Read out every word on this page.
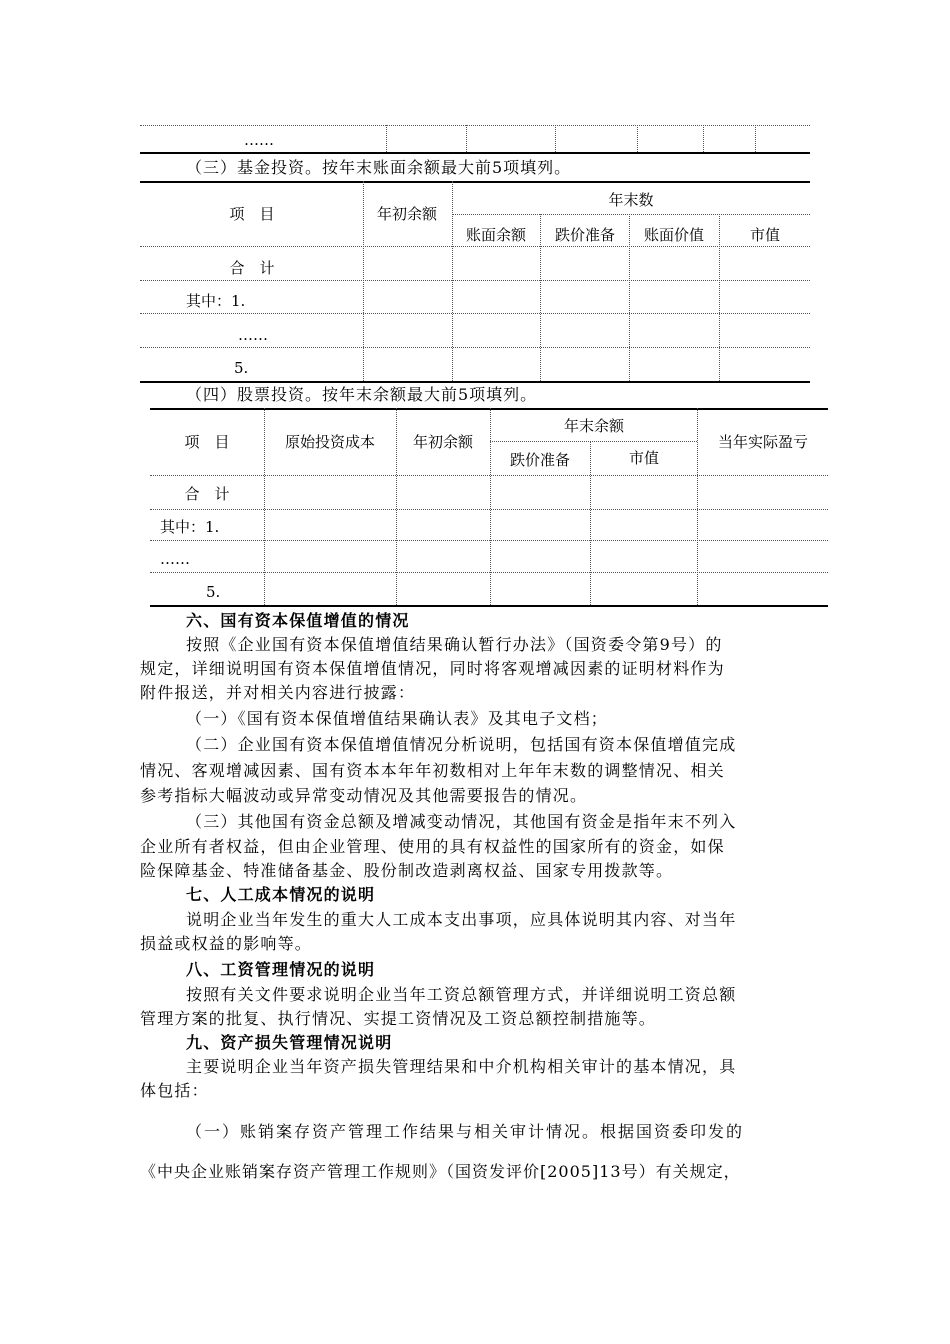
……
（三）基金投资。按年末账面余额最大前5项填列。
项　目	年初余额
年末数
账面余额 跌价准备 账面价值	市值
合　计
其中：1.
……
5.
（四）股票投资。按年末余额最大前5项填列。
项　目	原始投资成本	年初余额
年末余额
跌价准备	市值
当年实际盈亏
合　计
其中：1.
……
5.
六、国有资本保值增值的情况
按照《企业国有资本保值增值结果确认暂行办法》（国资委令第9号）的
规定，详细说明国有资本保值增值情况，同时将客观增减因素的证明材料作为
附件报送，并对相关内容进行披露：
（一）《国有资本保值增值结果确认表》及其电子文档；
（二）企业国有资本保值增值情况分析说明，包括国有资本保值增值完成
情况、客观增减因素、国有资本本年年初数相对上年年末数的调整情况、相关
参考指标大幅波动或异常变动情况及其他需要报告的情况。
（三）其他国有资金总额及增减变动情况，其他国有资金是指年末不列入
企业所有者权益，但由企业管理、使用的具有权益性的国家所有的资金，如保
险保障基金、特准储备基金、股份制改造剥离权益、国家专用拨款等。
七、人工成本情况的说明
说明企业当年发生的重大人工成本支出事项，应具体说明其内容、对当年
损益或权益的影响等。
八、工资管理情况的说明
按照有关文件要求说明企业当年工资总额管理方式，并详细说明工资总额
管理方案的批复、执行情况、实提工资情况及工资总额控制措施等。
九、资产损失管理情况说明
主要说明企业当年资产损失管理结果和中介机构相关审计的基本情况，具
体包括：
（一）账销案存资产管理工作结果与相关审计情况。根据国资委印发的
《中央企业账销案存资产管理工作规则》（国资发评价[2005]13号）有关规定，
